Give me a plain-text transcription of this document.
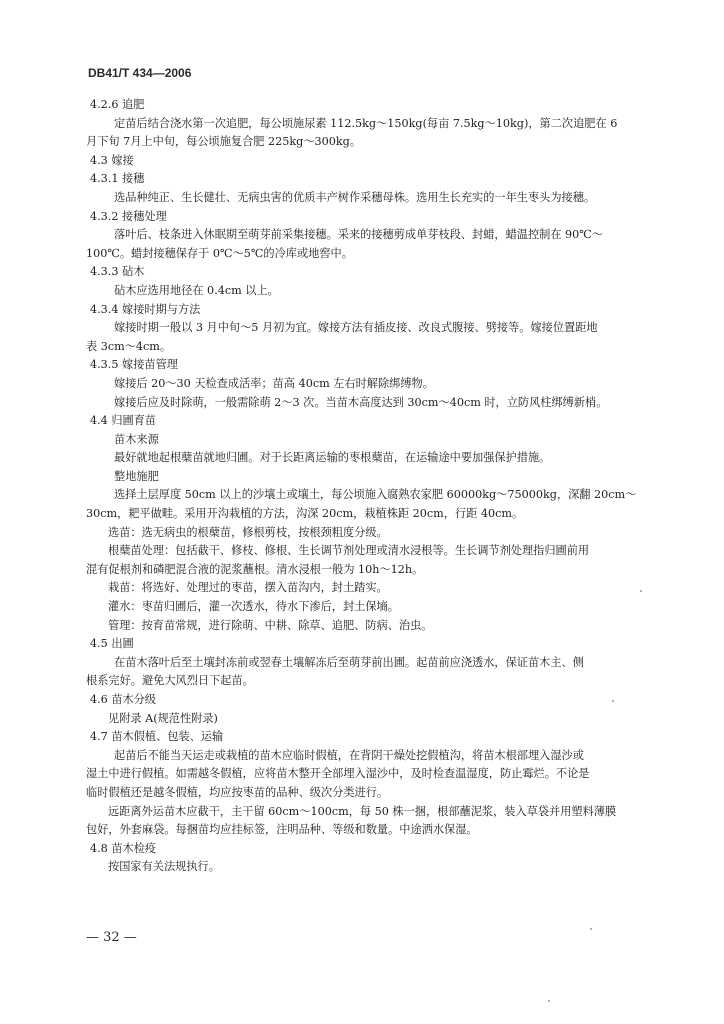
DB41/T 434—2006
4.2.6 追肥
定苗后结合浇水第一次追肥，每公顷施尿素 112.5kg～150kg(每亩 7.5kg～10kg)，第二次追肥在 6
月下旬 7月上中旬，每公顷施复合肥 225kg～300kg。
4.3 嫁接
4.3.1 接穗
选品种纯正、生长健壮、无病虫害的优质丰产树作采穗母株。选用生长充实的一年生枣头为接穗。
4.3.2 接穗处理
落叶后、枝条进入休眠期至萌芽前采集接穗。采来的接穗剪成单芽枝段、封蜡，蜡温控制在 90℃～
100℃。蜡封接穗保存于 0℃～5℃的冷库或地窖中。
4.3.3 砧木
砧木应选用地径在 0.4cm 以上。
4.3.4 嫁接时期与方法
嫁接时期一般以 3 月中旬～5 月初为宜。嫁接方法有插皮接、改良式腹接、劈接等。嫁接位置距地
表 3cm～4cm。
4.3.5 嫁接苗管理
嫁接后 20～30 天检查成活率；苗高 40cm 左右时解除绑缚物。
嫁接后应及时除萌，一般需除萌 2～3 次。当苗木高度达到 30cm～40cm 时，立防风柱绑缚新梢。
4.4 归圃育苗
苗木来源
最好就地起根蘖苗就地归圃。对于长距离运输的枣根蘖苗，在运输途中要加强保护措施。
整地施肥
选择土层厚度 50cm 以上的沙壤土或壤土，每公顷施入腐熟农家肥 60000kg～75000kg，深翻 20cm～
30cm，耙平做畦。采用开沟栽植的方法，沟深 20cm，栽植株距 20cm，行距 40cm。
选苗：选无病虫的根蘖苗，修根剪枝，按根颈粗度分级。
根蘖苗处理：包括截干、修枝、修根、生长调节剂处理或清水浸根等。生长调节剂处理指归圃前用
混有促根剂和磷肥混合液的泥浆蘸根。清水浸根一般为 10h～12h。
栽苗：将选好、处理过的枣苗，摆入苗沟内，封土踏实。
灌水：枣苗归圃后，灌一次透水，待水下渗后，封土保墒。
管理：按育苗常规，进行除萌、中耕、除草、追肥、防病、治虫。
4.5 出圃
在苗木落叶后至土壤封冻前或翌春土壤解冻后至萌芽前出圃。起苗前应浇透水，保证苗木主、侧
根系完好。避免大风烈日下起苗。
4.6 苗木分级
见附录 A(规范性附录)
4.7 苗木假植、包装、运输
起苗后不能当天运走或栽植的苗木应临时假植，在背阴干燥处挖假植沟，将苗木根部埋入湿沙或
湿土中进行假植。如需越冬假植，应将苗木整开全部埋入湿沙中，及时检查温湿度，防止霉烂。不论是
临时假植还是越冬假植，均应按枣苗的品种、级次分类进行。
远距离外运苗木应截干，主干留 60cm～100cm，每 50 株一捆，根部蘸泥浆，装入草袋并用塑料薄膜
包好，外套麻袋。每捆苗均应挂标签，注明品种、等级和数量。中途洒水保湿。
4.8 苗木检疫
按国家有关法规执行。
— 32 —
